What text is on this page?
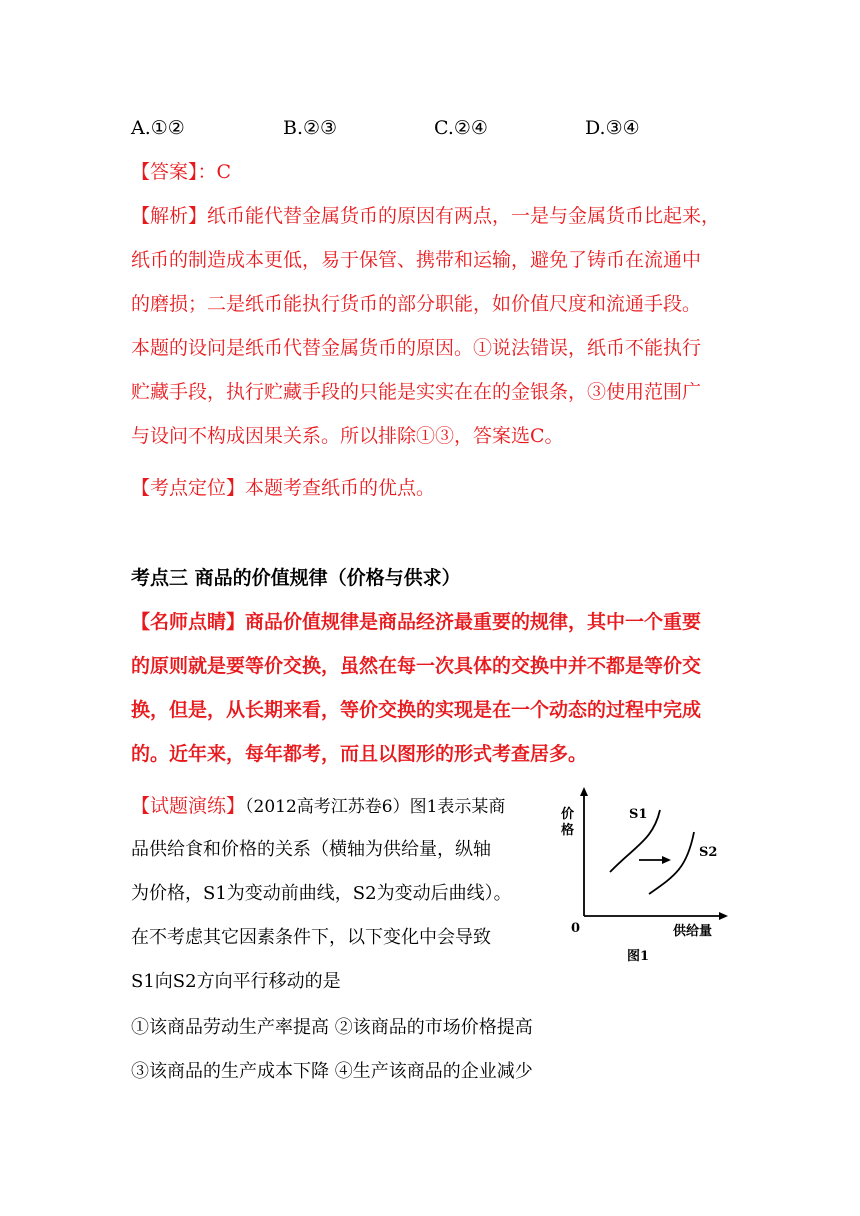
A.①②	B.②③	C.②④	D.③④
【答案】：C
【解析】纸币能代替金属货币的原因有两点，一是与金属货币比起来，
纸币的制造成本更低，易于保管、携带和运输，避免了铸币在流通中
的磨损；二是纸币能执行货币的部分职能，如价值尺度和流通手段。
本题的设问是纸币代替金属货币的原因。①说法错误，纸币不能执行
贮藏手段，执行贮藏手段的只能是实实在在的金银条，③使用范围广
与设问不构成因果关系。所以排除①③，答案选C。
【考点定位】本题考查纸币的优点。
考点三 商品的价值规律（价格与供求）
【名师点睛】商品价值规律是商品经济最重要的规律，其中一个重要
的原则就是要等价交换，虽然在每一次具体的交换中并不都是等价交
换，但是，从长期来看，等价交换的实现是在一个动态的过程中完成
的。近年来，每年都考，而且以图形的形式考查居多。
【试题演练】（2012高考江苏卷6）图1表示某商
品供给食和价格的关系（横轴为供给量，纵轴
为价格，S1为变动前曲线，S2为变动后曲线）。
在不考虑其它因素条件下，以下变化中会导致
S1向S2方向平行移动的是
①该商品劳动生产率提高 ②该商品的市场价格提高
③该商品的生产成本下降 ④生产该商品的企业减少
价
格
S1
S2
0	供给量
图1
